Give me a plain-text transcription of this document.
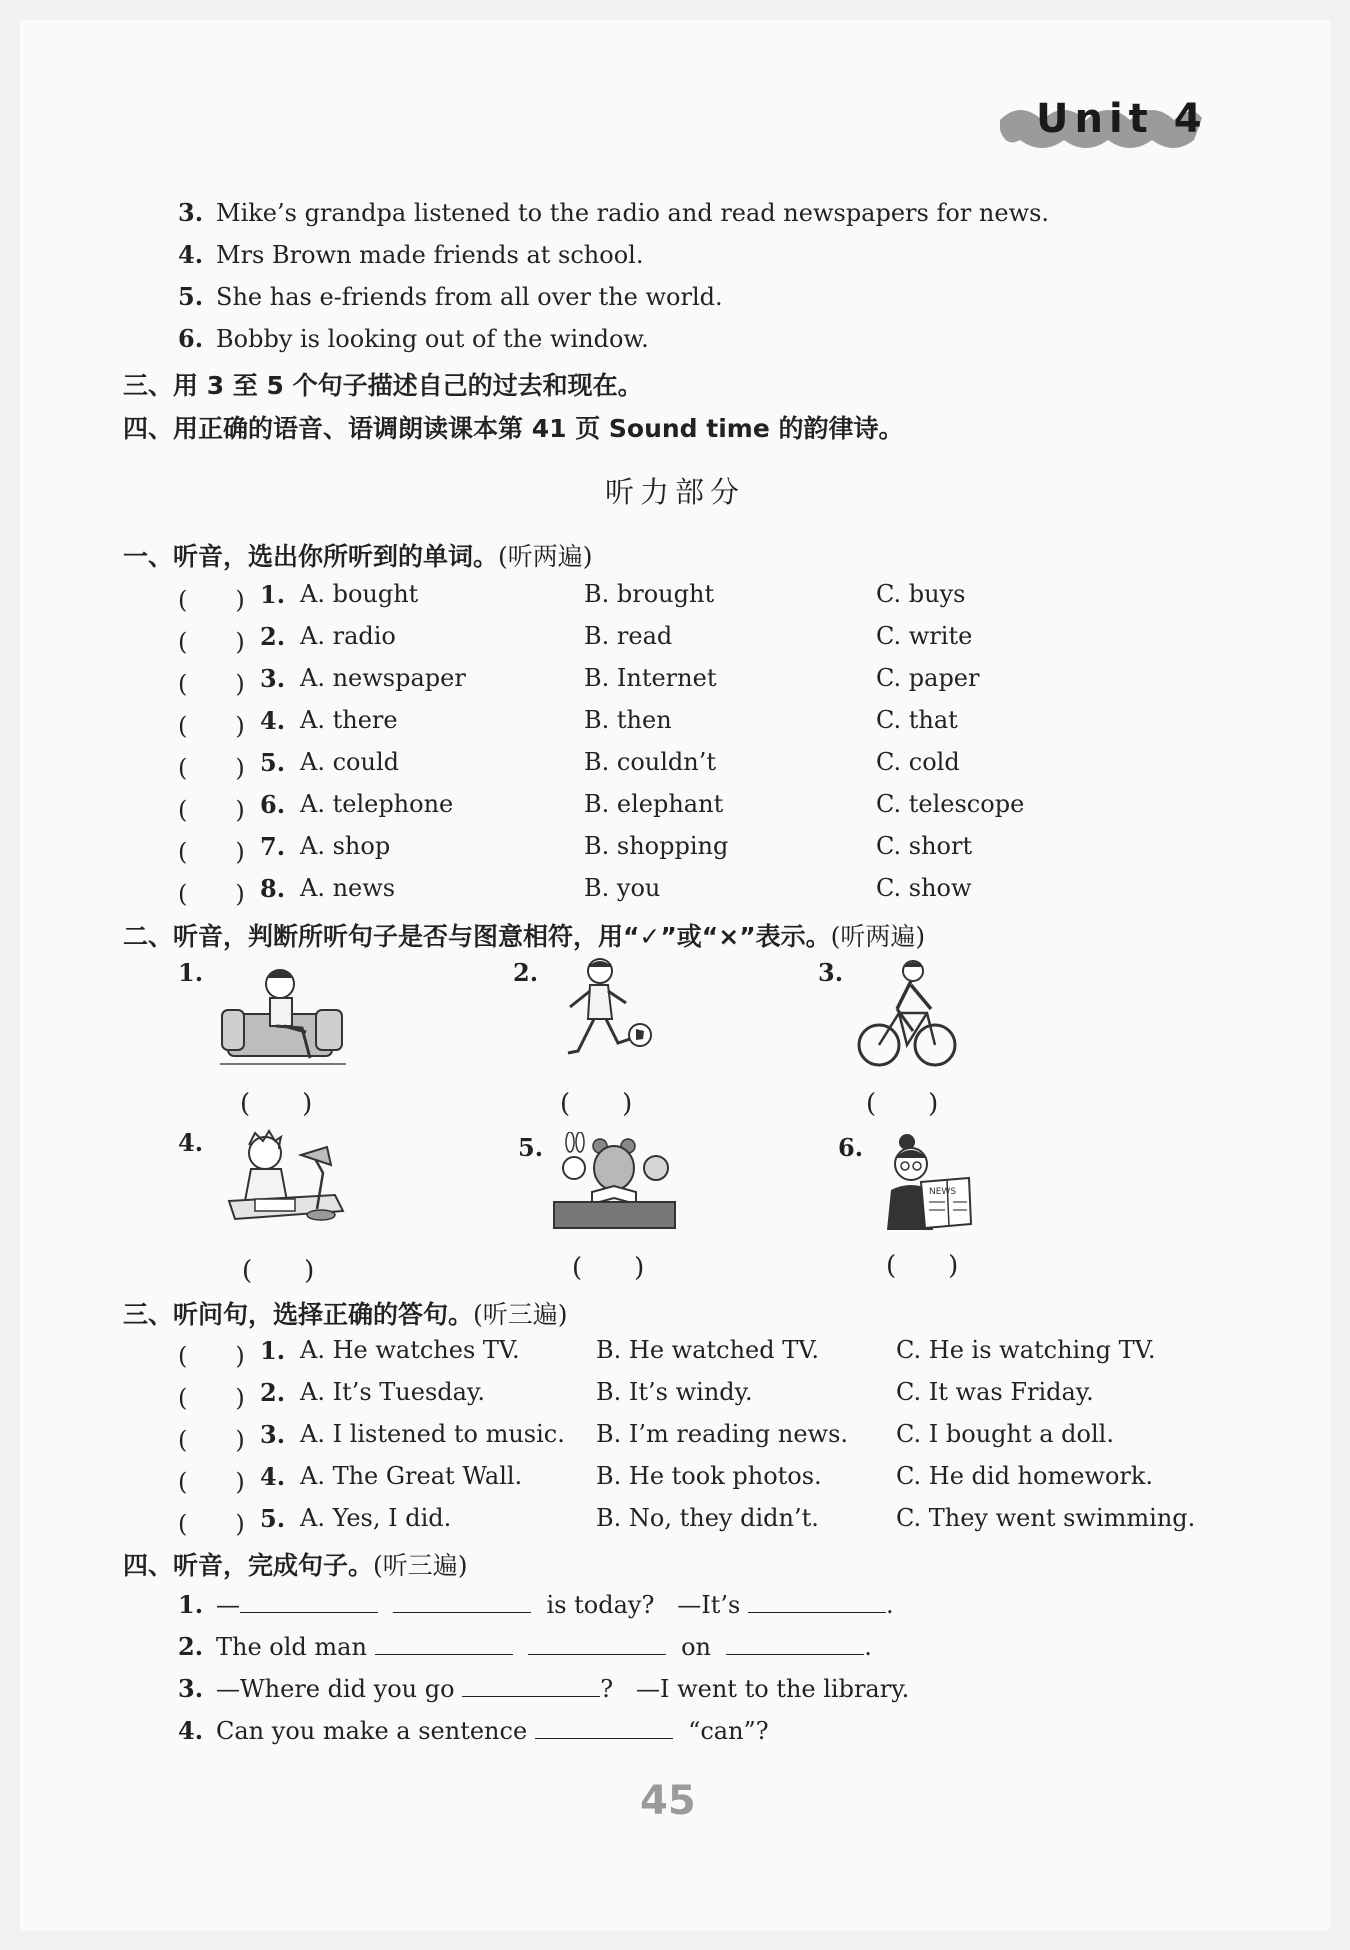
Unit 4
3. Mike’s grandpa listened to the radio and read newspapers for news.
4. Mrs Brown made friends at school.
5. She has e-friends from all over the world.
6. Bobby is looking out of the window.
三、用 3 至 5 个句子描述自己的过去和现在。
四、用正确的语音、语调朗读课本第 41 页 Sound time 的韵律诗。
听力部分
一、听音，选出你所听到的单词。(听两遍)
(　　) 1. A. bought	B. brought	C. buys
(　　) 2. A. radio	B. read	C. write
(　　) 3. A. newspaper	B. Internet	C. paper
(　　) 4. A. there	B. then	C. that
(　　) 5. A. could	B. couldn’t	C. cold
(　　) 6. A. telephone	B. elephant	C. telescope
(　　) 7. A. shop	B. shopping	C. short
(　　) 8. A. news	B. you	C. show
二、听音，判断所听句子是否与图意相符，用“✓”或“×”表示。(听两遍)
1.
(　　)
2.
(　　)
3.
(　　)
4.
(　　)
5.
(　　)
6.
NEWS
(　　)
三、听问句，选择正确的答句。(听三遍)
(　　) 1. A. He watches TV.	B. He watched TV.	C. He is watching TV.
(　　) 2. A. It’s Tuesday.	B. It’s windy.	C. It was Friday.
(　　) 3. A. I listened to music. B. I’m reading news. C. I bought a doll.
(　　) 4. A. The Great Wall.	B. He took photos.	C. He did homework.
(　　) 5. A. Yes, I did.	B. No, they didn’t.	C. They went swimming.
四、听音，完成句子。(听三遍)
1. —	is today? —It’s	.
2. The old man	on	.
3. —Where did you go	? —I went to the library.
4. Can you make a sentence	“can”?
45
